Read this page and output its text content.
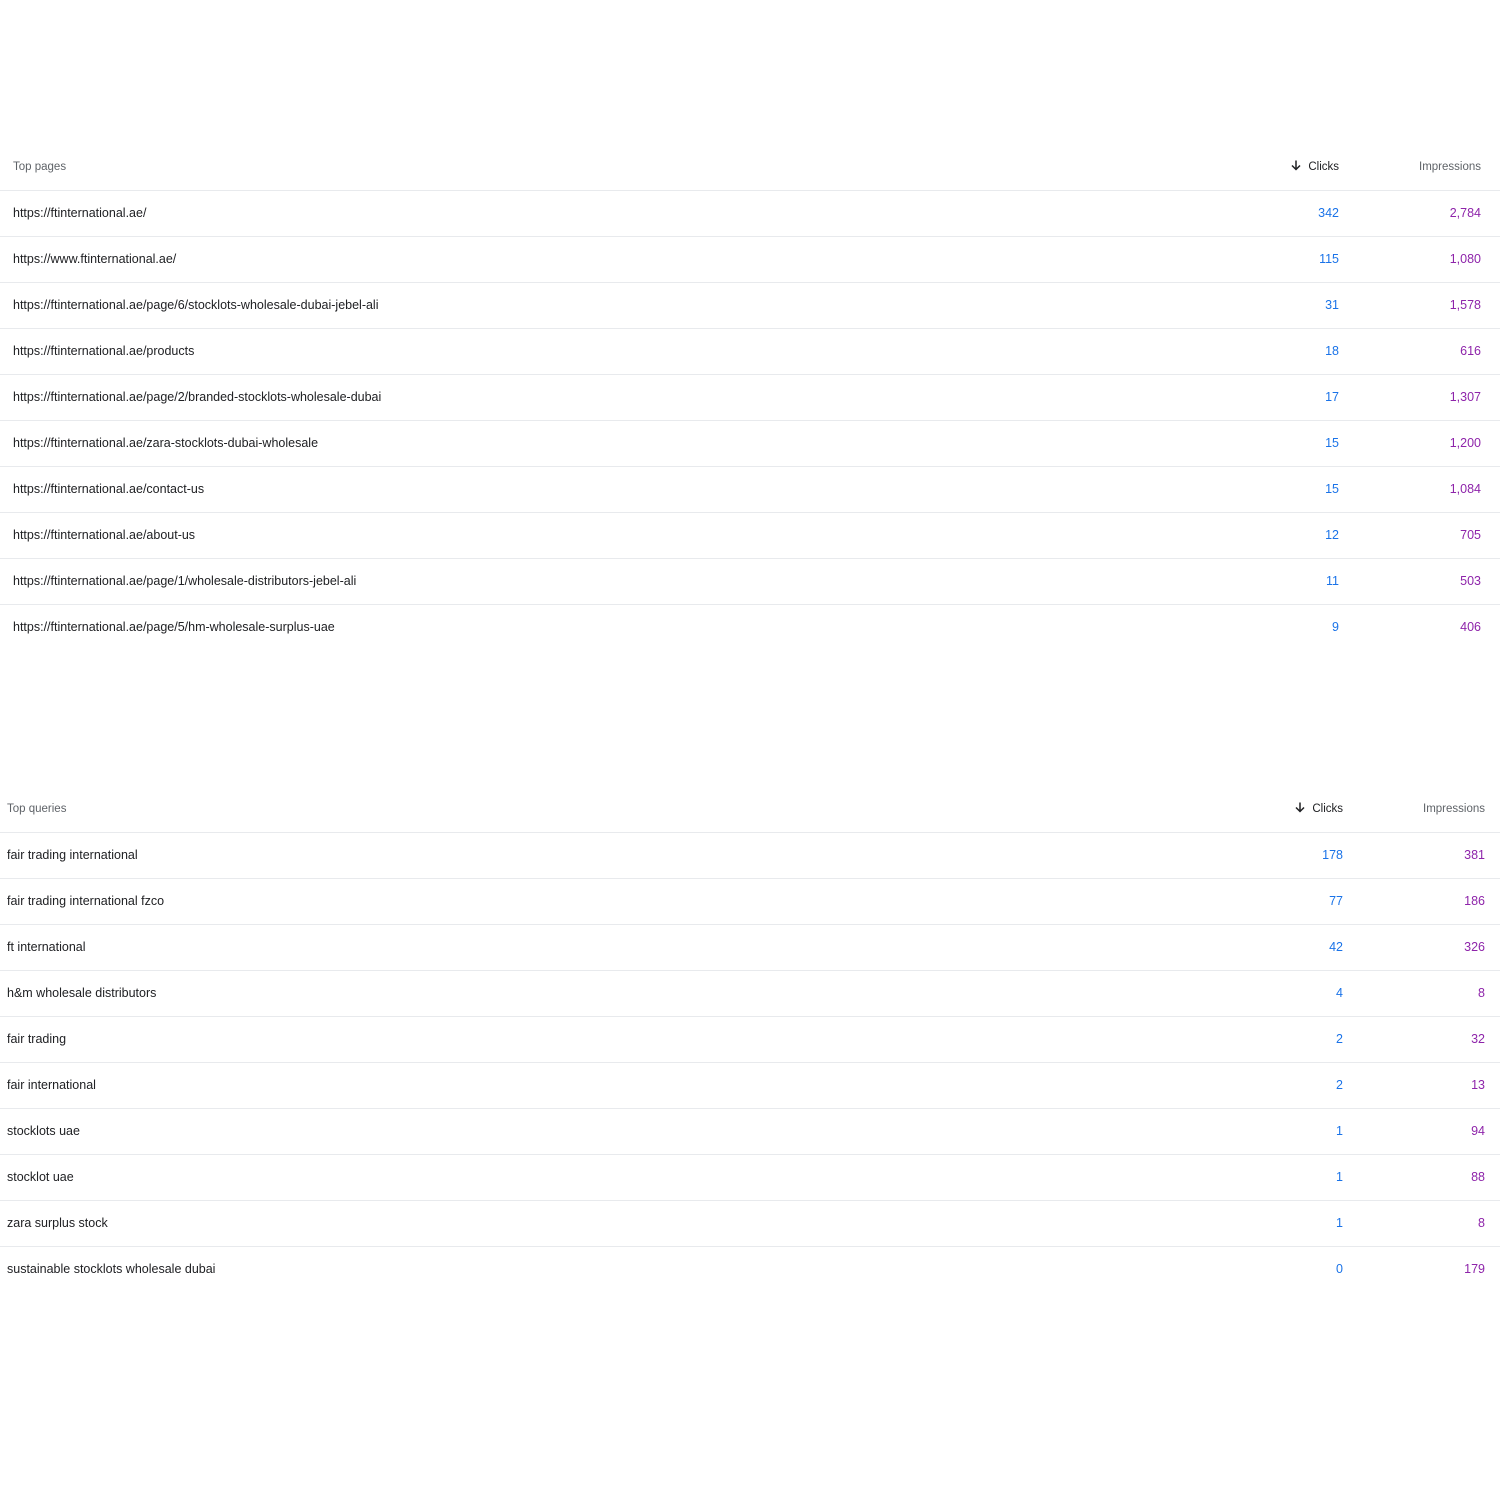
Top pages	Clicks	Impressions
https://ftinternational.ae/	342	2,784
https://www.ftinternational.ae/	115	1,080
https://ftinternational.ae/page/6/stocklots-wholesale-dubai-jebel-ali	31	1,578
https://ftinternational.ae/products	18	616
https://ftinternational.ae/page/2/branded-stocklots-wholesale-dubai	17	1,307
https://ftinternational.ae/zara-stocklots-dubai-wholesale	15	1,200
https://ftinternational.ae/contact-us	15	1,084
https://ftinternational.ae/about-us	12	705
https://ftinternational.ae/page/1/wholesale-distributors-jebel-ali	11	503
https://ftinternational.ae/page/5/hm-wholesale-surplus-uae	9	406
Top queries	Clicks	Impressions
fair trading international	178	381
fair trading international fzco	77	186
ft international	42	326
h&m wholesale distributors	4	8
fair trading	2	32
fair international	2	13
stocklots uae	1	94
stocklot uae	1	88
zara surplus stock	1	8
sustainable stocklots wholesale dubai	0	179
